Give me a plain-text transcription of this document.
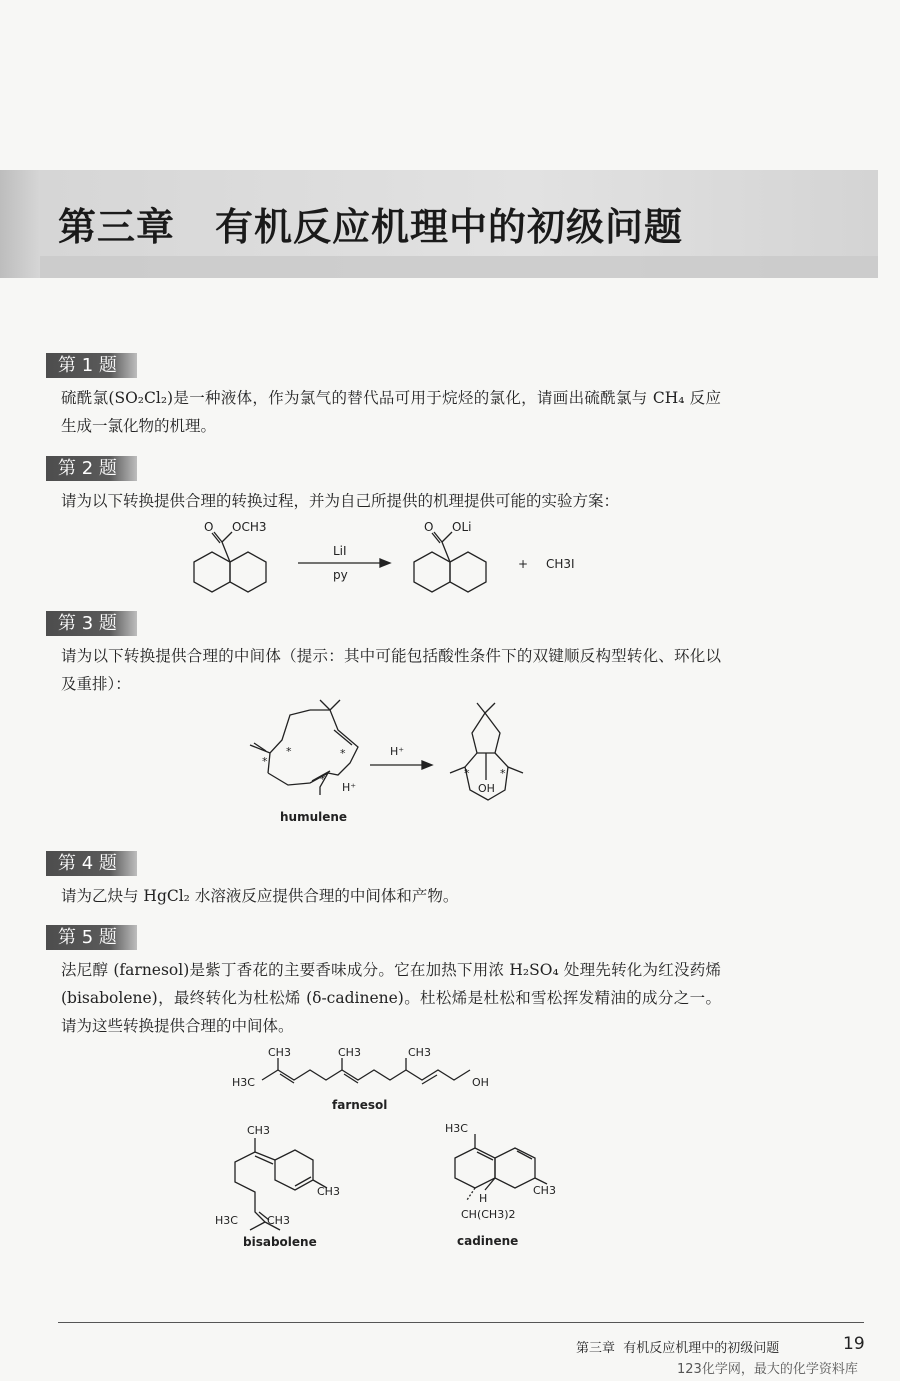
第三章 有机反应机理中的初级问题
第 1 题
硫酰氯(SO₂Cl₂)是一种液体，作为氯气的替代品可用于烷烃的氯化，请画出硫酰氯与 CH₄ 反应生成一氯化物的机理。
第 2 题
请为以下转换提供合理的转换过程，并为自己所提供的机理提供可能的实验方案：
O OCH3
LiI
py
O OLi
+ CH3I
第 3 题
请为以下转换提供合理的中间体（提示：其中可能包括酸性条件下的双键顺反构型转化、环化以及重排）：
H⁺
H⁺	OH
*
*	*
*	*	*
humulene
第 4 题
请为乙炔与 HgCl₂ 水溶液反应提供合理的中间体和产物。
第 5 题
法尼醇 (farnesol)是紫丁香花的主要香味成分。它在加热下用浓 H₂SO₄ 处理先转化为红没药烯 (bisabolene)，最终转化为杜松烯 (δ-cadinene)。杜松烯是杜松和雪松挥发精油的成分之一。请为这些转换提供合理的中间体。
CH3	CH3	CH3
H3C	OH
farnesol
CH3
CH3
H3C	CH3
bisabolene
H3C
CH3
H
CH(CH3)2
cadinene
第三章 有机反应机理中的初级问题	19
123化学网，最大的化学资料库
